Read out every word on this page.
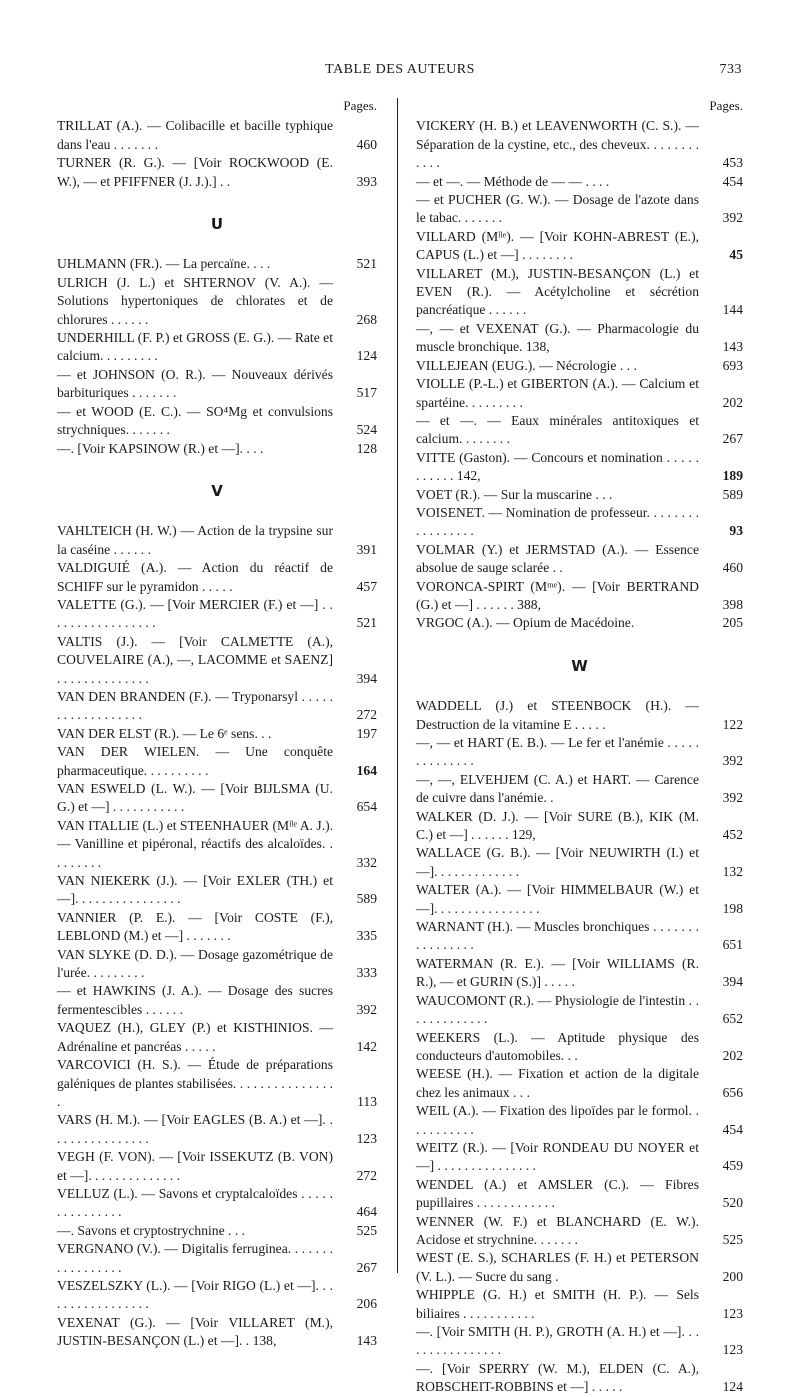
TABLE DES AUTEURS	733
Pages.
TRILLAT (A.). — Colibacille et bacille typhique dans l'eau . . . . . . .	460
TURNER (R. G.). — [Voir ROCKWOOD (E. W.), — et PFIFFNER (J. J.).] . .	393
U
UHLMANN (FR.). — La percaïne. . . .	521
ULRICH (J. L.) et SHTERNOV (V. A.). — Solutions hypertoniques de chlorates et de chlorures . . . . . .	268
UNDERHILL (F. P.) et GROSS (E. G.). — Rate et calcium. . . . . . . . .	124
— et JOHNSON (O. R.). — Nouveaux dérivés barbituriques . . . . . . .	517
— et WOOD (E. C.). — SO⁴Mg et convulsions strychniques. . . . . . .	524
—. [Voir KAPSINOW (R.) et —]. . . .	128
V
VAHLTEICH (H. W.) — Action de la trypsine sur la caséine . . . . . .	391
VALDIGUIÉ (A.). — Action du réactif de SCHIFF sur le pyramidon . . . . .	457
VALETTE (G.). — [Voir MERCIER (F.) et —] . . . . . . . . . . . . . . . . .	521
VALTIS (J.). — [Voir CALMETTE (A.), COUVELAIRE (A.), —, LACOMME et SAENZ] . . . . . . . . . . . . . .	394
VAN DEN BRANDEN (F.). — Tryponarsyl . . . . . . . . . . . . . . . . . .	272
VAN DER ELST (R.). — Le 6ᵉ sens. . .	197
VAN DER WIELEN. — Une conquête pharmaceutique. . . . . . . . . .	164
VAN ESWELD (L. W.). — [Voir BIJLSMA (U. G.) et —] . . . . . . . . . . .	654
VAN ITALLIE (L.) et STEENHAUER (Mˡˡᵉ A. J.). — Vanilline et pipéronal, réactifs des alcaloïdes. . . . . . . . .	332
VAN NIEKERK (J.). — [Voir EXLER (TH.) et —]. . . . . . . . . . . . . . . .	589
VANNIER (P. E.). — [Voir COSTE (F.), LEBLOND (M.) et —] . . . . . . .	335
VAN SLYKE (D. D.). — Dosage gazométrique de l'urée. . . . . . . . .	333
— et HAWKINS (J. A.). — Dosage des sucres fermentescibles . . . . . .	392
VAQUEZ (H.), GLEY (P.) et KISTHINIOS. — Adrénaline et pancréas . . . . .	142
VARCOVICI (H. S.). — Étude de préparations galéniques de plantes stabilisées. . . . . . . . . . . . . . . .	113
VARS (H. M.). — [Voir EAGLES (B. A.) et —]. . . . . . . . . . . . . . . .	123
VEGH (F. VON). — [Voir ISSEKUTZ (B. VON) et —]. . . . . . . . . . . . . .	272
VELLUZ (L.). — Savons et cryptalcaloïdes . . . . . . . . . . . . . . .	464
—. Savons et cryptostrychnine . . .	525
VERGNANO (V.). — Digitalis ferruginea. . . . . . . . . . . . . . . . .	267
VESZELSZKY (L.). — [Voir RIGO (L.) et —]. . . . . . . . . . . . . . . . .	206
VEXENAT (G.). — [Voir VILLARET (M.), JUSTIN-BESANÇON (L.) et —]. . 138,	143
Pages.
VICKERY (H. B.) et LEAVENWORTH (C. S.). — Séparation de la cystine, etc., des cheveux. . . . . . . . . . . .	453
— et —. — Méthode de — — . . . .	454
— et PUCHER (G. W.). — Dosage de l'azote dans le tabac. . . . . . .	392
VILLARD (Mˡˡᵉ). — [Voir KOHN-ABREST (E.), CAPUS (L.) et —] . . . . . . . .	45
VILLARET (M.), JUSTIN-BESANÇON (L.) et EVEN (R.). — Acétylcholine et sécrétion pancréatique . . . . . .	144
—, — et VEXENAT (G.). — Pharmacologie du muscle bronchique. 138,	143
VILLEJEAN (EUG.). — Nécrologie . . .	693
VIOLLE (P.-L.) et GIBERTON (A.). — Calcium et spartéine. . . . . . . . .	202
— et —. — Eaux minérales antitoxiques et calcium. . . . . . . .	267
VITTE (Gaston). — Concours et nomination . . . . . . . . . . . 142,	189
VOET (R.). — Sur la muscarine . . .	589
VOISENET. — Nomination de professeur. . . . . . . . . . . . . . . . .	93
VOLMAR (Y.) et JERMSTAD (A.). — Essence absolue de sauge sclarée . .	460
VORONCA-SPIRT (Mᵐᵉ). — [Voir BERTRAND (G.) et —] . . . . . . 388,	398
VRGOC (A.). — Opium de Macédoine.	205
W
WADDELL (J.) et STEENBOCK (H.). — Destruction de la vitamine E . . . . .	122
—, — et HART (E. B.). — Le fer et l'anémie . . . . . . . . . . . . . .	392
—, —, ELVEHJEM (C. A.) et HART. — Carence de cuivre dans l'anémie. .	392
WALKER (D. J.). — [Voir SURE (B.), KIK (M. C.) et —] . . . . . . 129,	452
WALLACE (G. B.). — [Voir NEUWIRTH (I.) et —]. . . . . . . . . . . . .	132
WALTER (A.). — [Voir HIMMELBAUR (W.) et —]. . . . . . . . . . . . . . . .	198
WARNANT (H.). — Muscles bronchiques . . . . . . . . . . . . . . . .	651
WATERMAN (R. E.). — [Voir WILLIAMS (R. R.), — et GURIN (S.)] . . . . .	394
WAUCOMONT (R.). — Physiologie de l'intestin . . . . . . . . . . . . .	652
WEEKERS (L.). — Aptitude physique des conducteurs d'automobiles. . .	202
WEESE (H.). — Fixation et action de la digitale chez les animaux . . .	656
WEIL (A.). — Fixation des lipoïdes par le formol. . . . . . . . . . .	454
WEITZ (R.). — [Voir RONDEAU DU NOYER et —] . . . . . . . . . . . . . . .	459
WENDEL (A.) et AMSLER (C.). — Fibres pupillaires . . . . . . . . . . . .	520
WENNER (W. F.) et BLANCHARD (E. W.). Acidose et strychnine. . . . . . .	525
WEST (E. S.), SCHARLES (F. H.) et PETERSON (V. L.). — Sucre du sang .	200
WHIPPLE (G. H.) et SMITH (H. P.). — Sels biliaires . . . . . . . . . . .	123
—. [Voir SMITH (H. P.), GROTH (A. H.) et —]. . . . . . . . . . . . . . . .	123
—. [Voir SPERRY (W. M.), ELDEN (C. A.), ROBSCHEIT-ROBBINS et —] . . . . .	124
